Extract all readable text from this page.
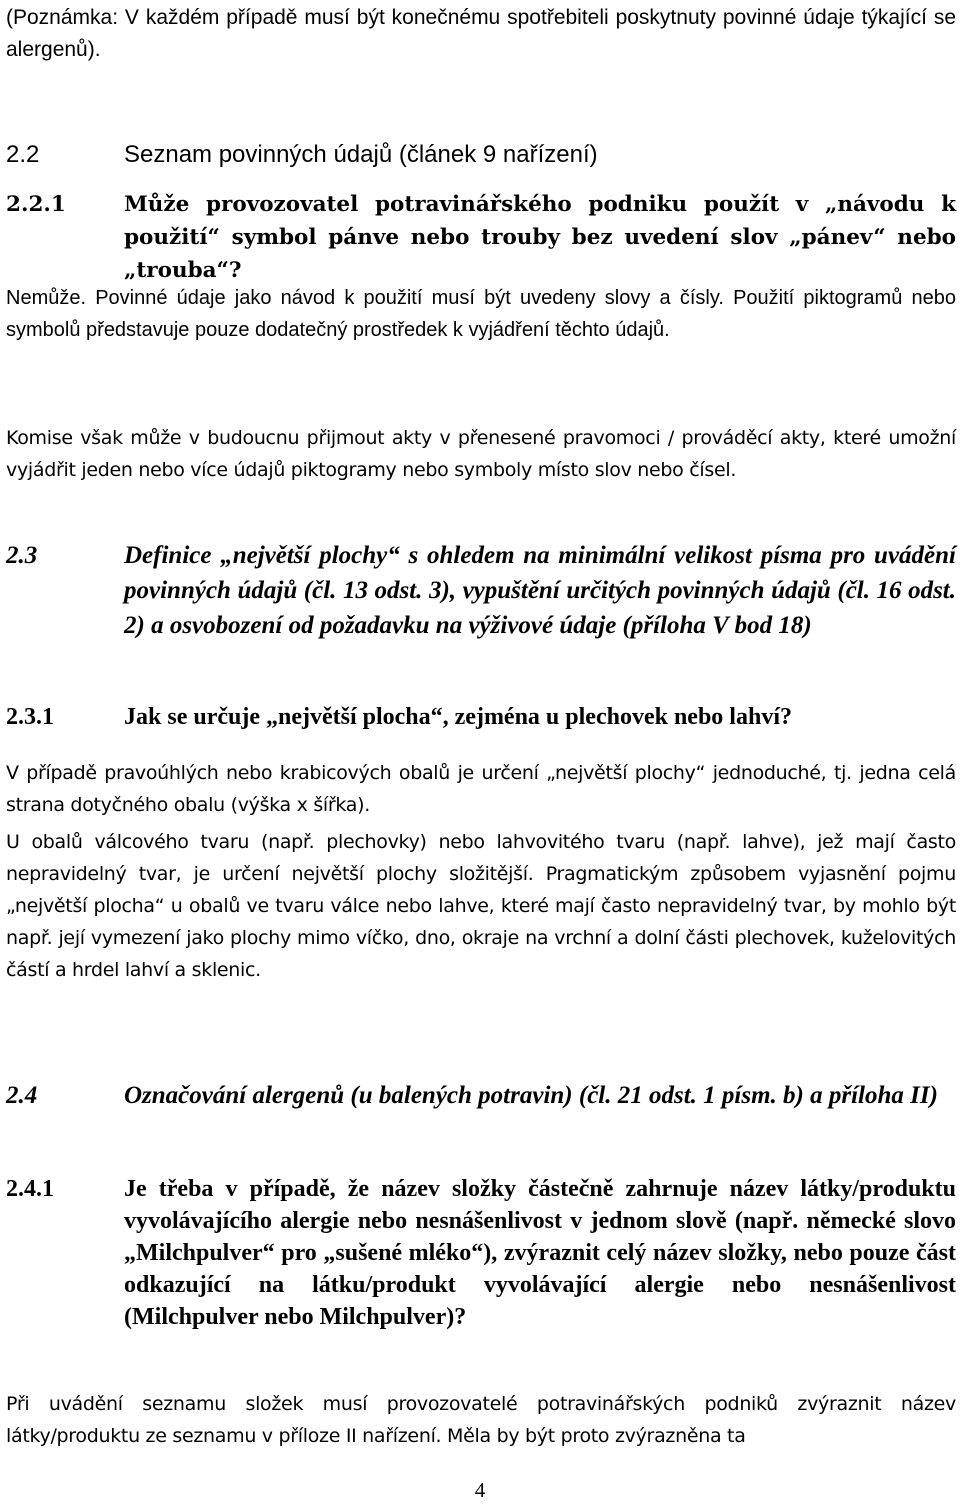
(Poznámka: V každém případě musí být konečnému spotřebiteli poskytnuty povinné údaje týkající se alergenů).

2.2	Seznam povinných údajů (článek 9 nařízení)
2.2.1	Může provozovatel potravinářského podniku použít v „návodu k použití“ symbol pánve nebo trouby bez uvedení slov „pánev“ nebo „trouba“?

Nemůže. Povinné údaje jako návod k použití musí být uvedeny slovy a čísly. Použití piktogramů nebo symbolů představuje pouze dodatečný prostředek k vyjádření těchto údajů.

Komise však může v budoucnu přijmout akty v přenesené pravomoci / prováděcí akty, které umožní vyjádřit jeden nebo více údajů piktogramy nebo symboly místo slov nebo čísel.

2.3	Definice „největší plochy“ s ohledem na minimální velikost písma pro uvádění povinných údajů (čl. 13 odst. 3), vypuštění určitých povinných údajů (čl. 16 odst. 2) a osvobození od požadavku na výživové údaje (příloha V bod 18)
2.3.1	Jak se určuje „největší plocha“, zejména u plechovek nebo lahví?

V případě pravoúhlých nebo krabicových obalů je určení „největší plochy“ jednoduché, tj. jedna celá strana dotyčného obalu (výška x šířka).

U obalů válcového tvaru (např. plechovky) nebo lahvovitého tvaru (např. lahve), jež mají často nepravidelný tvar, je určení největší plochy složitější. Pragmatickým způsobem vyjasnění pojmu „největší plocha“ u obalů ve tvaru válce nebo lahve, které mají často nepravidelný tvar, by mohlo být např. její vymezení jako plochy mimo víčko, dno, okraje na vrchní a dolní části plechovek, kuželovitých částí a hrdel lahví a sklenic.

2.4	Označování alergenů (u balených potravin) (čl. 21 odst. 1 písm. b) a příloha II)
2.4.1	Je třeba v případě, že název složky částečně zahrnuje název látky/produktu vyvolávajícího alergie nebo nesnášenlivost v jednom slově (např. německé slovo „Milchpulver“ pro „sušené mléko“), zvýraznit celý název složky, nebo pouze část odkazující na látku/produkt vyvolávající alergie nebo nesnášenlivost (Milchpulver nebo Milchpulver)?

Při uvádění seznamu složek musí provozovatelé potravinářských podniků zvýraznit název látky/produktu ze seznamu v příloze II nařízení. Měla by být proto zvýrazněna ta

4
